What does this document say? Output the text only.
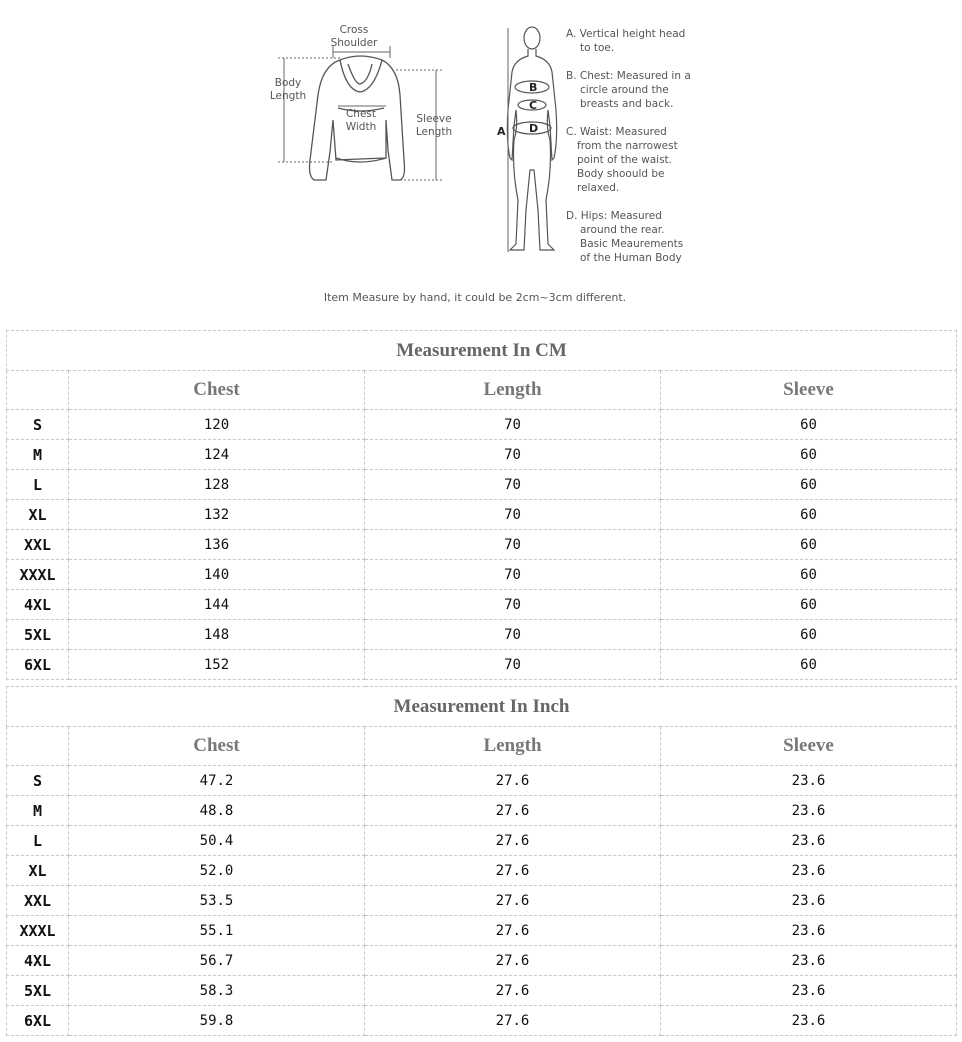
Cross
Shoulder
Body
Length
Chest
Width
Sleeve
Length	A
B
C
D
A. Vertical height head
to toe.
B. Chest: Measured in a
circle around the
breasts and back.
C. Waist: Measured
from the narrowest
point of the waist.
Body shoould be
relaxed.
D. Hips: Measured
around the rear.
Basic Meaurements
of the Human Body
Item Measure by hand, it could be 2cm~3cm different.
Measurement In CM			
	Chest	Length	Sleeve
S	120	70	60
M	124	70	60
L	128	70	60
XL	132	70	60
XXL	136	70	60
XXXL	140	70	60
4XL	144	70	60
5XL	148	70	60
6XL	152	70	60
Measurement In Inch			
	Chest	Length	Sleeve
S	47.2	27.6	23.6
M	48.8	27.6	23.6
L	50.4	27.6	23.6
XL	52.0	27.6	23.6
XXL	53.5	27.6	23.6
XXXL	55.1	27.6	23.6
4XL	56.7	27.6	23.6
5XL	58.3	27.6	23.6
6XL	59.8	27.6	23.6
